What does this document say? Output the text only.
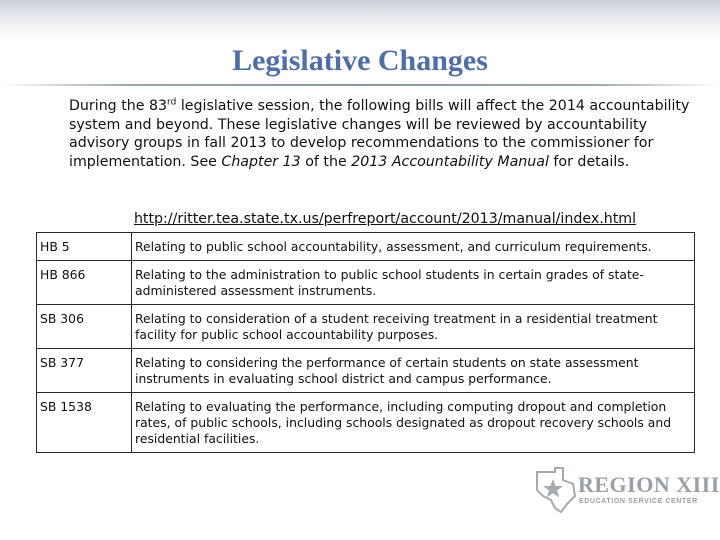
Legislative Changes
During the 83rd legislative session, the following bills will affect the 2014 accountability system and beyond. These legislative changes will be reviewed by accountability advisory groups in fall 2013 to develop recommendations to the commissioner for implementation. See Chapter 13 of the 2013 Accountability Manual for details.
http://ritter.tea.state.tx.us/perfreport/account/2013/manual/index.html
HB 5	Relating to public school accountability, assessment, and curriculum requirements.
HB 866	Relating to the administration to public school students in certain grades of state-administered assessment instruments.
SB 306	Relating to consideration of a student receiving treatment in a residential treatment facility for public school accountability purposes.
SB 377	Relating to considering the performance of certain students on state assessment instruments in evaluating school district and campus performance.
SB 1538	Relating to evaluating the performance, including computing dropout and completion rates, of public schools, including schools designated as dropout recovery schools and residential facilities.
REGION XIII
EDUCATION SERVICE CENTER
